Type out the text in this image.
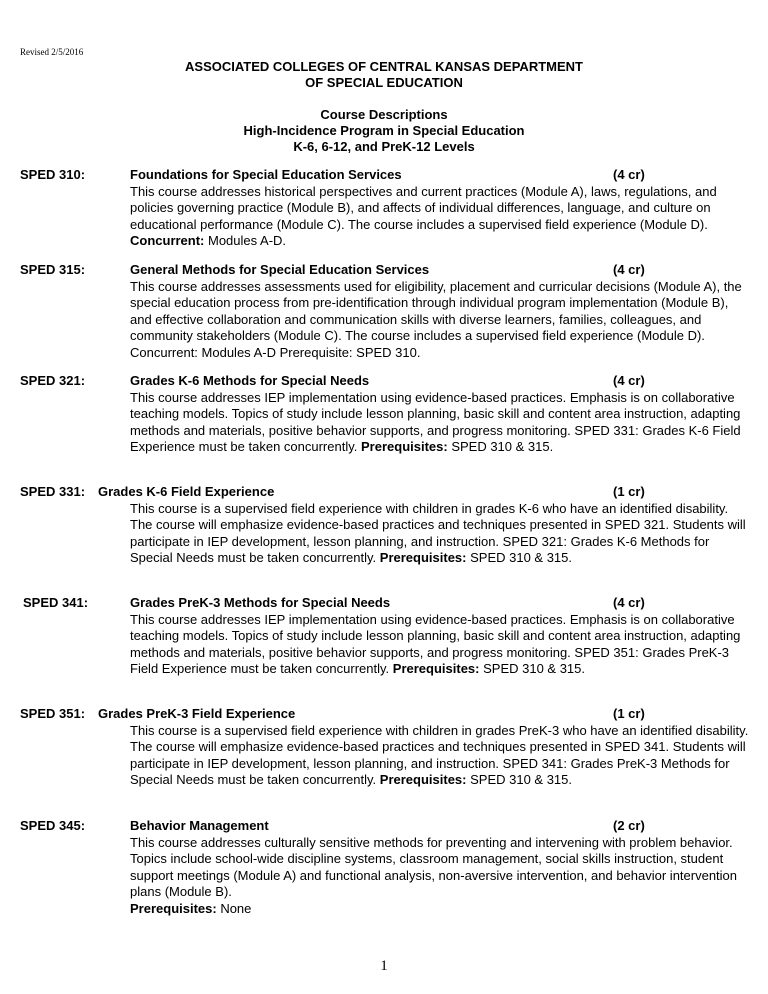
Revised 2/5/2016
ASSOCIATED COLLEGES OF CENTRAL KANSAS DEPARTMENT
OF SPECIAL EDUCATION
Course Descriptions
High-Incidence Program in Special Education
K-6, 6-12, and PreK-12 Levels
SPED 310:	Foundations for Special Education Services	(4 cr)
This course addresses historical perspectives and current practices (Module A), laws, regulations, and policies governing practice (Module B), and affects of individual differences, language, and culture on educational performance (Module C). The course includes a supervised field experience (Module D). Concurrent: Modules A-D.
SPED 315:	General Methods for Special Education Services	(4 cr)
This course addresses assessments used for eligibility, placement and curricular decisions (Module A), the special education process from pre-identification through individual program implementation (Module B), and effective collaboration and communication skills with diverse learners, families, colleagues, and community stakeholders (Module C). The course includes a supervised field experience (Module D). Concurrent: Modules A-D Prerequisite: SPED 310.
SPED 321:	Grades K-6 Methods for Special Needs	(4 cr)
This course addresses IEP implementation using evidence-based practices. Emphasis is on collaborative teaching models. Topics of study include lesson planning, basic skill and content area instruction, adapting methods and materials, positive behavior supports, and progress monitoring. SPED 331: Grades K-6 Field Experience must be taken concurrently. Prerequisites: SPED 310 & 315.
SPED 331: Grades K-6 Field Experience	(1 cr)
This course is a supervised field experience with children in grades K-6 who have an identified disability. The course will emphasize evidence-based practices and techniques presented in SPED 321. Students will participate in IEP development, lesson planning, and instruction. SPED 321: Grades K-6 Methods for Special Needs must be taken concurrently. Prerequisites: SPED 310 & 315.
SPED 341:	Grades PreK-3 Methods for Special Needs	(4 cr)
This course addresses IEP implementation using evidence-based practices. Emphasis is on collaborative teaching models. Topics of study include lesson planning, basic skill and content area instruction, adapting methods and materials, positive behavior supports, and progress monitoring. SPED 351: Grades PreK-3 Field Experience must be taken concurrently. Prerequisites: SPED 310 & 315.
SPED 351: Grades PreK-3 Field Experience	(1 cr)
This course is a supervised field experience with children in grades PreK-3 who have an identified disability. The course will emphasize evidence-based practices and techniques presented in SPED 341. Students will participate in IEP development, lesson planning, and instruction. SPED 341: Grades PreK-3 Methods for Special Needs must be taken concurrently. Prerequisites: SPED 310 & 315.
SPED 345:	Behavior Management	(2 cr)
This course addresses culturally sensitive methods for preventing and intervening with problem behavior. Topics include school-wide discipline systems, classroom management, social skills instruction, student support meetings (Module A) and functional analysis, non-aversive intervention, and behavior intervention plans (Module B).
Prerequisites: None
1
